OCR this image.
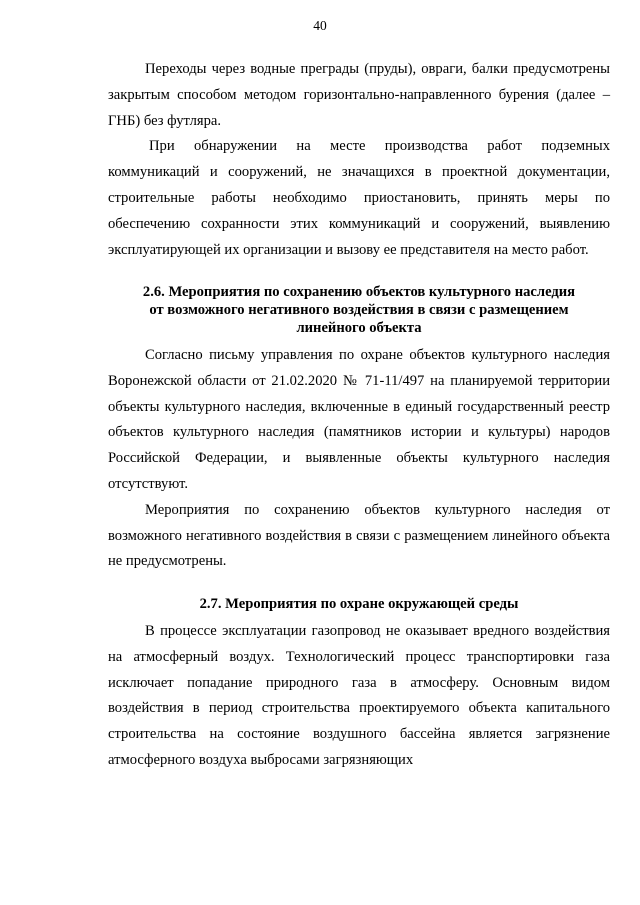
40

Переходы через водные преграды (пруды), овраги, балки предусмотрены закрытым способом методом горизонтально-направленного бурения (далее – ГНБ) без футляра.

При обнаружении на месте производства работ подземных коммуникаций и сооружений, не значащихся в проектной документации, строительные работы необходимо приостановить, принять меры по обеспечению сохранности этих коммуникаций и сооружений, выявлению эксплуатирующей их организации и вызову ее представителя на место работ.

2.6. Мероприятия по сохранению объектов культурного наследия
от возможного негативного воздействия в связи с размещением
линейного объекта

Согласно письму управления по охране объектов культурного наследия Воронежской области от 21.02.2020 № 71-11/497 на планируемой территории объекты культурного наследия, включенные в единый государственный реестр объектов культурного наследия (памятников истории и культуры) народов Российской Федерации, и выявленные объекты культурного наследия отсутствуют.

Мероприятия по сохранению объектов культурного наследия от возможного негативного воздействия в связи с размещением линейного объекта не предусмотрены.

2.7. Мероприятия по охране окружающей среды

В процессе эксплуатации газопровод не оказывает вредного воздействия на атмосферный воздух. Технологический процесс транспортировки газа исключает попадание природного газа в атмосферу. Основным видом воздействия в период строительства проектируемого объекта капитального строительства на состояние воздушного бассейна является загрязнение атмосферного воздуха выбросами загрязняющих
